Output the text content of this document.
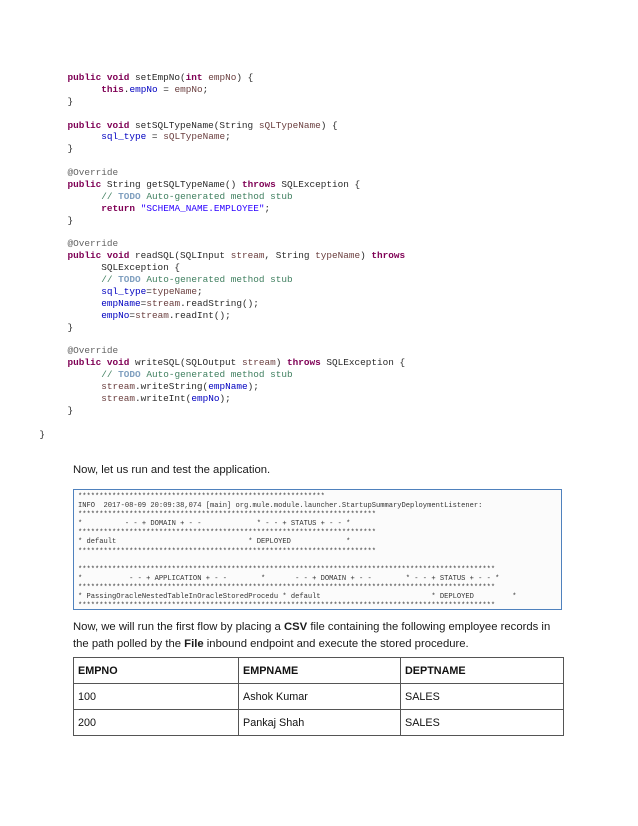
public void setEmpNo(int empNo) {
this.empNo = empNo;
}
public void setSQLTypeName(String sQLTypeName) {
sql_type = sQLTypeName;
}
@Override
public String getSQLTypeName() throws SQLException {
// TODO Auto-generated method stub
return "SCHEMA_NAME.EMPLOYEE";
}
@Override
public void readSQL(SQLInput stream, String typeName) throws
SQLException {
// TODO Auto-generated method stub
sql_type=typeName;
empName=stream.readString();
empNo=stream.readInt();
}
@Override
public void writeSQL(SQLOutput stream) throws SQLException {
// TODO Auto-generated method stub
stream.writeString(empName);
stream.writeInt(empNo);
}
}

Now, let us run and test the application.

**********************************************************
INFO  2017-08-09 20:09:38,074 [main] org.mule.module.launcher.StartupSummaryDeploymentListener:
**********************************************************************
*          - - + DOMAIN + - -             * - - + STATUS + - - *
**********************************************************************
* default                               * DEPLOYED             *
**********************************************************************

**************************************************************************************************
*           - - + APPLICATION + - -        *       - - + DOMAIN + - -        * - - + STATUS + - - *
**************************************************************************************************
* PassingOracleNestedTableInOracleStoredProcedu * default                          * DEPLOYED         *
**************************************************************************************************

Now, we will run the first flow by placing a CSV file containing the following employee records in the path polled by the File inbound endpoint and execute the stored procedure.

EMPNO	EMPNAME	DEPTNAME
100	Ashok Kumar	SALES
200	Pankaj Shah	SALES
